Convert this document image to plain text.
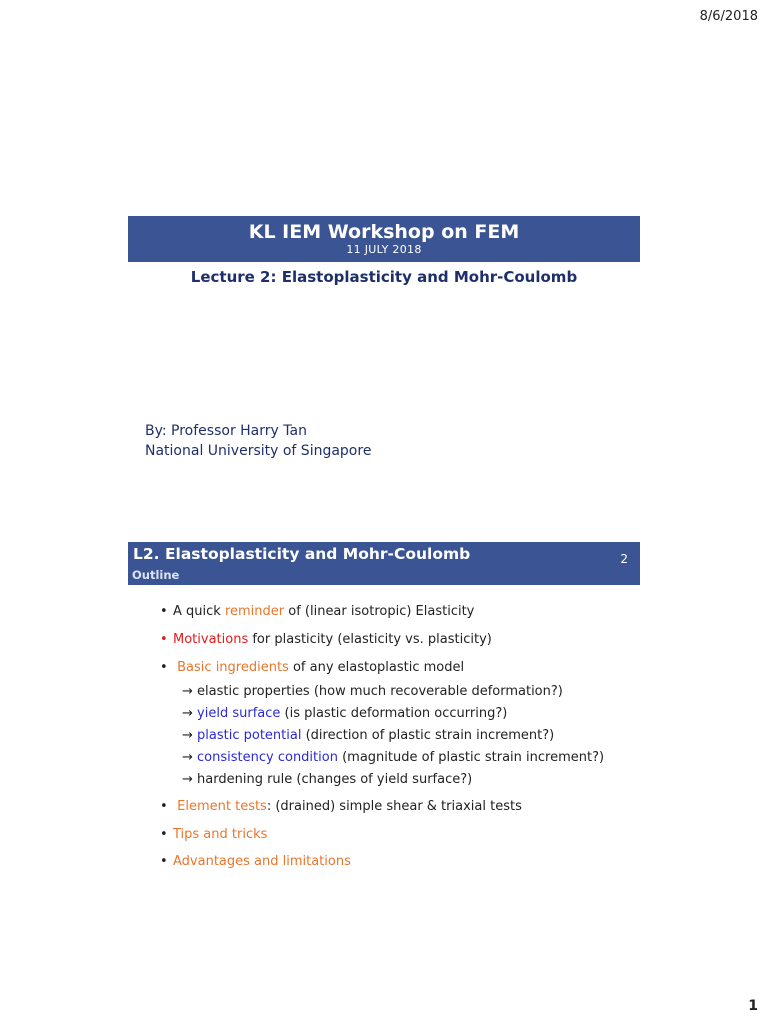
8/6/2018
KL IEM Workshop on FEM
11 JULY 2018
Lecture 2: Elastoplasticity and Mohr-Coulomb
By: Professor Harry Tan
National University of Singapore
L2. Elastoplasticity and Mohr-Coulomb
Outline
2
• A quick reminder of (linear isotropic) Elasticity
• Motivations for plasticity (elasticity vs. plasticity)
• Basic ingredients of any elastoplastic model
→ elastic properties (how much recoverable deformation?)
→ yield surface (is plastic deformation occurring?)
→ plastic potential (direction of plastic strain increment?)
→ consistency condition (magnitude of plastic strain increment?)
→ hardening rule (changes of yield surface?)
• Element tests: (drained) simple shear & triaxial tests
• Tips and tricks
• Advantages and limitations
1
